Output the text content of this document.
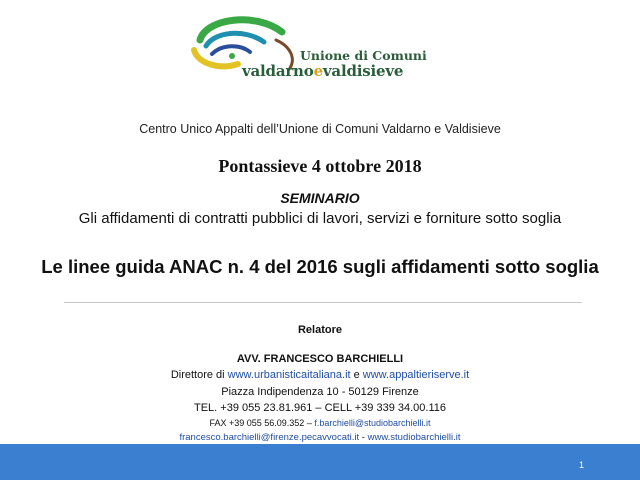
Unione di Comuni
valdarnoevaldisieve
Centro Unico Appalti dell’Unione di Comuni Valdarno e Valdisieve
Pontassieve 4 ottobre 2018
SEMINARIO
Gli affidamenti di contratti pubblici di lavori, servizi e forniture sotto soglia
Le linee guida ANAC n. 4 del 2016 sugli affidamenti sotto soglia
Relatore
AVV. FRANCESCO BARCHIELLI
Direttore di www.urbanisticaitaliana.it e www.appaltieriserve.it
Piazza Indipendenza 10 - 50129 Firenze
TEL. +39 055 23.81.961 – CELL +39 339 34.00.116
FAX +39 055 56.09.352 – f.barchielli@studiobarchielli.it
francesco.barchielli@firenze.pecavvocati.it - www.studiobarchielli.it
1
